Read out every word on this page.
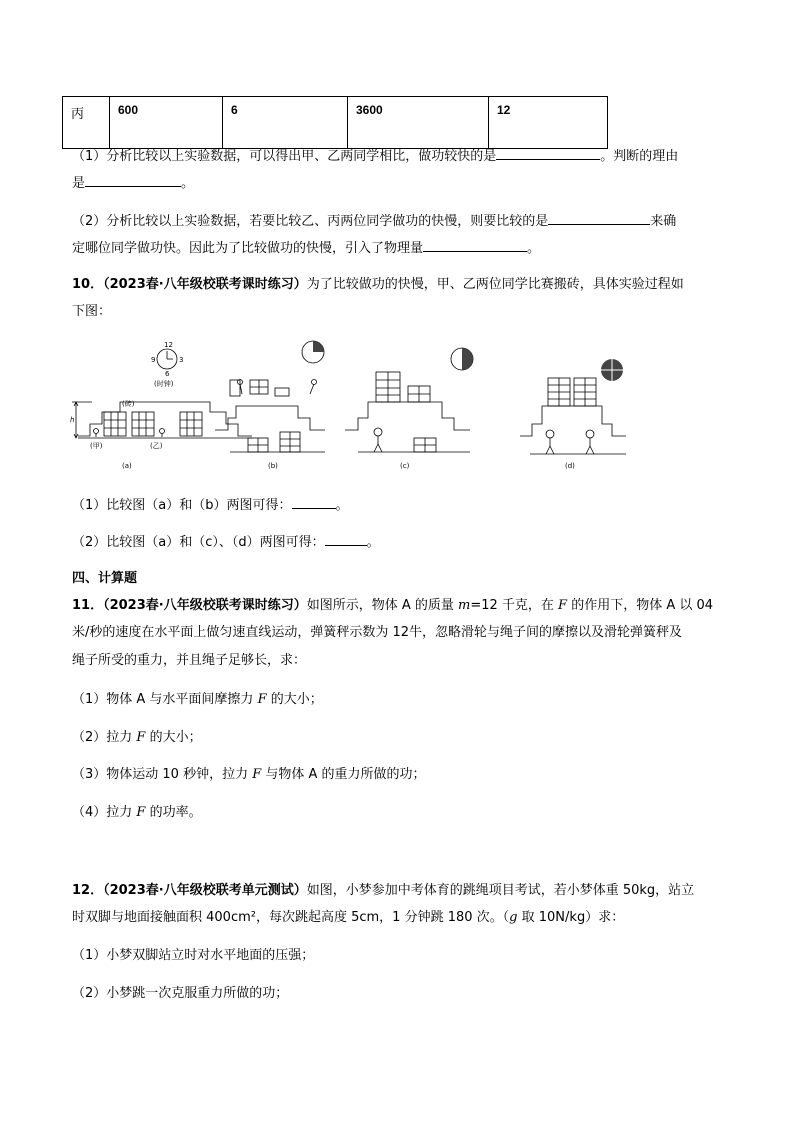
丙	600	6	3600	12
（1）分析比较以上实验数据，可以得出甲、乙两同学相比，做功较快的是	。判断的理由
是	。
（2）分析比较以上实验数据，若要比较乙、丙两位同学做功的快慢，则要比较的是	来确
定哪位同学做功快。因此为了比较做功的快慢，引入了物理量	。
10．（2023春·八年级校联考课时练习）为了比较做功的快慢，甲、乙两位同学比赛搬砖，具体实验过程如
下图：
12
9	3
6
(时钟)
(砖)
h
(甲)	(乙)
(a)	(b)	(c)	(d)
（1）比较图（a）和（b）两图可得：	。
（2）比较图（a）和（c）、（d）两图可得：	。
四、计算题
11．（2023春·八年级校联考课时练习）如图所示，物体 A 的质量 m=12 千克，在 F 的作用下，物体 A 以 04
米/秒的速度在水平面上做匀速直线运动，弹簧秤示数为 12牛，忽略滑轮与绳子间的摩擦以及滑轮弹簧秤及
绳子所受的重力，并且绳子足够长，求：
（1）物体 A 与水平面间摩擦力 F 的大小；
（2）拉力 F 的大小；
（3）物体运动 10 秒钟，拉力 F 与物体 A 的重力所做的功；
（4）拉力 F 的功率。
12．（2023春·八年级校联考单元测试）如图，小梦参加中考体育的跳绳项目考试，若小梦体重 50kg，站立
时双脚与地面接触面积 400cm²，每次跳起高度 5cm，1 分钟跳 180 次。（g 取 10N/kg）求：
（1）小梦双脚站立时对水平地面的压强；
（2）小梦跳一次克服重力所做的功；
